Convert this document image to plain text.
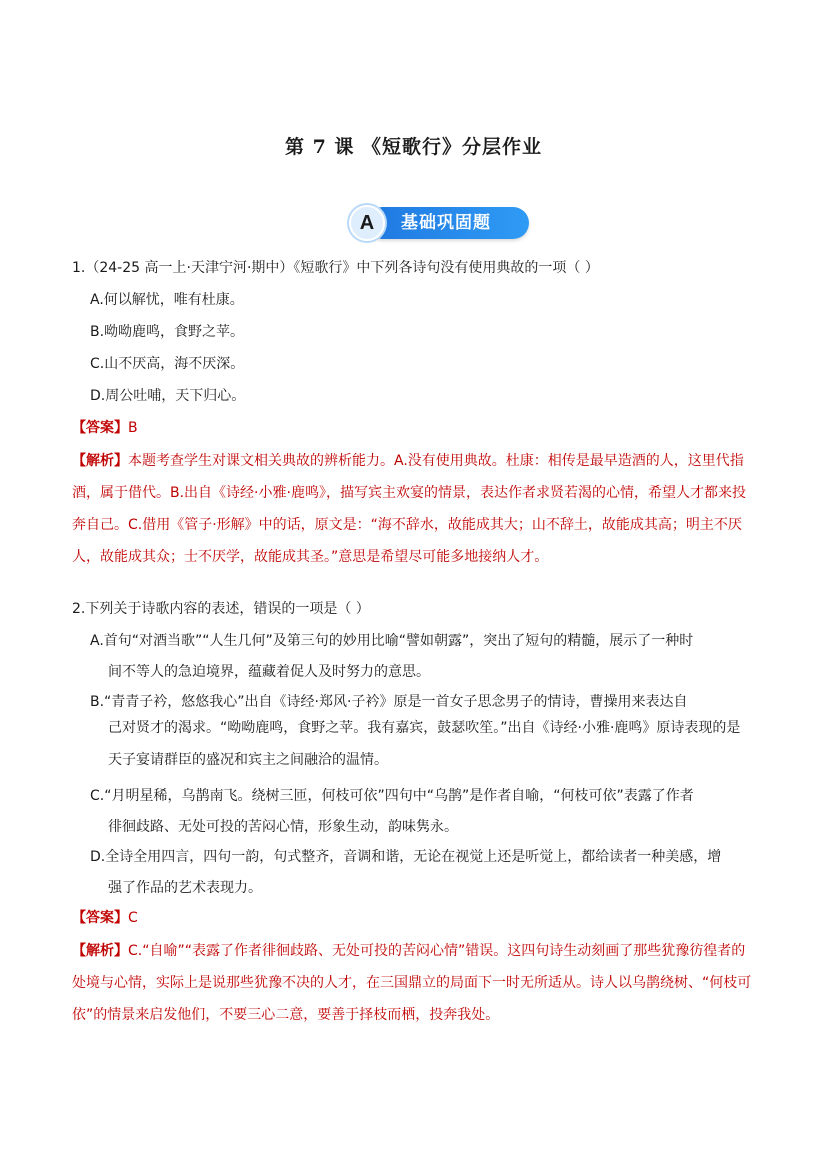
第 7 课 《短歌行》分层作业
A	基础巩固题

1.（24-25 高一上·天津宁河·期中）《短歌行》中下列各诗句没有使用典故的一项（ ）

A.何以解忧，唯有杜康。

B.呦呦鹿鸣，食野之苹。

C.山不厌高，海不厌深。

D.周公吐哺，天下归心。

【答案】B

【解析】本题考查学生对课文相关典故的辨析能力。A.没有使用典故。杜康：相传是最早造酒的人，这里代指酒，属于借代。B.出自《诗经·小雅·鹿鸣》，描写宾主欢宴的情景，表达作者求贤若渴的心情，希望人才都来投奔自己。C.借用《管子·形解》中的话，原文是：“海不辞水，故能成其大；山不辞土，故能成其高；明主不厌人，故能成其众；士不厌学，故能成其圣。”意思是希望尽可能多地接纳人才。

2.下列关于诗歌内容的表述，错误的一项是（ ）

A.首句“对酒当歌”“人生几何”及第三句的妙用比喻“譬如朝露”，突出了短句的精髓，展示了一种时
间不等人的急迫境界，蕴藏着促人及时努力的意思。
B.“青青子衿，悠悠我心”出自《诗经·郑风·子衿》原是一首女子思念男子的情诗，曹操用来表达自
己对贤才的渴求。“呦呦鹿鸣，食野之苹。我有嘉宾，鼓瑟吹笙。”出自《诗经·小雅·鹿鸣》原诗表现的是天子宴请群臣的盛况和宾主之间融洽的温情。
C.“月明星稀，乌鹊南飞。绕树三匝，何枝可依”四句中“乌鹊”是作者自喻，“何枝可依”表露了作者
徘徊歧路、无处可投的苦闷心情，形象生动，韵味隽永。
D.全诗全用四言，四句一韵，句式整齐，音调和谐，无论在视觉上还是听觉上，都给读者一种美感，增
强了作品的艺术表现力。

【答案】C

【解析】C.“自喻”“表露了作者徘徊歧路、无处可投的苦闷心情”错误。这四句诗生动刻画了那些犹豫彷徨者的处境与心情，实际上是说那些犹豫不决的人才，在三国鼎立的局面下一时无所适从。诗人以乌鹊绕树、“何枝可依”的情景来启发他们，不要三心二意，要善于择枝而栖，投奔我处。
